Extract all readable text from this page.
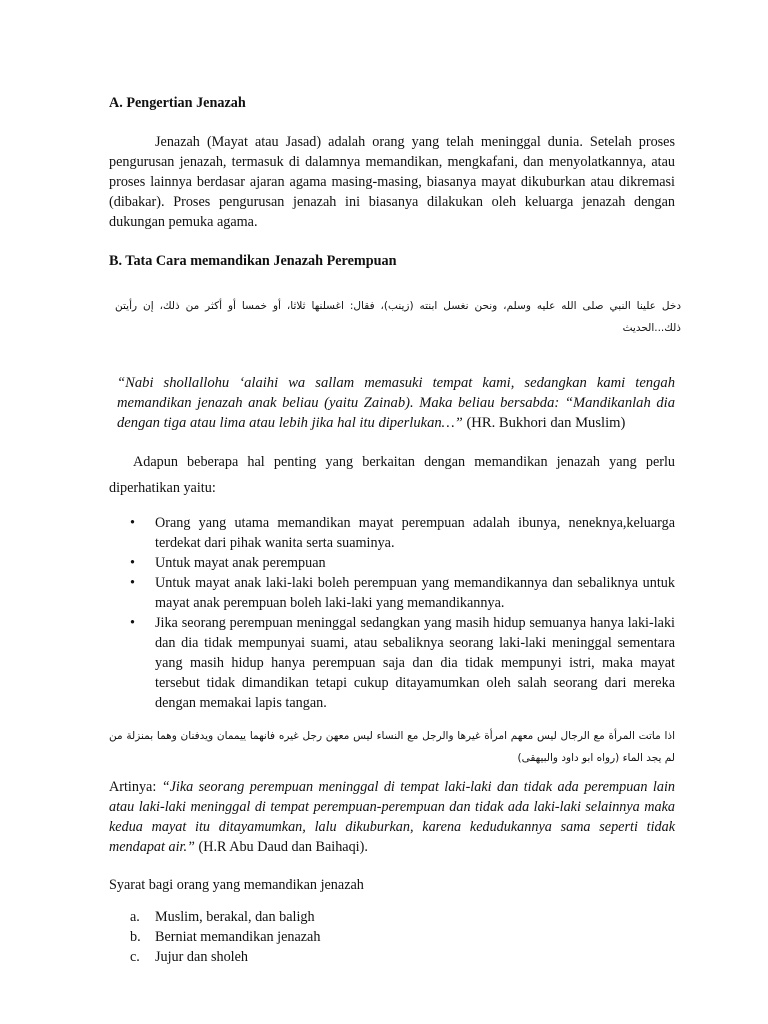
A. Pengertian Jenazah

Jenazah (Mayat atau Jasad) adalah orang yang telah meninggal dunia. Setelah proses pengurusan jenazah, termasuk di dalamnya memandikan, mengkafani, dan menyolatkannya, atau proses lainnya berdasar ajaran agama masing-masing, biasanya mayat dikuburkan atau dikremasi (dibakar). Proses pengurusan jenazah ini biasanya dilakukan oleh keluarga jenazah dengan dukungan pemuka agama.

B. Tata Cara memandikan Jenazah Perempuan

دخل علينا النبي صلى الله عليه وسلم، ونحن نغسل ابنته (زينب)، فقال: اغسلنها ثلاثا، أو خمسا أو أكثر من ذلك، إن رأيتن ذلك...الحديث

“Nabi shollallohu ‘alaihi wa sallam memasuki tempat kami, sedangkan kami tengah memandikan jenazah anak beliau (yaitu Zainab). Maka beliau bersabda: “Mandikanlah dia dengan tiga atau lima atau lebih jika hal itu diperlukan…” (HR. Bukhori dan Muslim)

Adapun beberapa hal penting yang berkaitan dengan memandikan jenazah yang perlu diperhatikan yaitu:

• Orang yang utama memandikan mayat perempuan adalah ibunya, neneknya,keluarga terdekat dari pihak wanita serta suaminya.
• Untuk mayat anak perempuan
• Untuk mayat anak laki-laki boleh perempuan yang memandikannya dan sebaliknya untuk mayat anak perempuan boleh laki-laki yang memandikannya.
• Jika seorang perempuan meninggal sedangkan yang masih hidup semuanya hanya laki-laki dan dia tidak mempunyai suami, atau sebaliknya seorang laki-laki meninggal sementara yang masih hidup hanya perempuan saja dan dia tidak mempunyi istri, maka mayat tersebut tidak dimandikan tetapi cukup ditayamumkan oleh salah seorang dari mereka dengan memakai lapis tangan.

اذا ماتت المرأة مع الرجال ليس معهم امرأة غيرها والرجل مع النساء ليس معهن رجل غيره فانهما ييممان ويدفنان وهما بمنزلة من لم يجد الماء (رواه ابو داود والبيهقى)

Artinya: “Jika seorang perempuan meninggal di tempat laki-laki dan tidak ada perempuan lain atau laki-laki meninggal di tempat perempuan-perempuan dan tidak ada laki-laki selainnya maka kedua mayat itu ditayamumkan, lalu dikuburkan, karena kedudukannya sama seperti tidak mendapat air.” (H.R Abu Daud dan Baihaqi).

Syarat bagi orang yang memandikan jenazah

a. Muslim, berakal, dan baligh
b. Berniat memandikan jenazah
c. Jujur dan sholeh
